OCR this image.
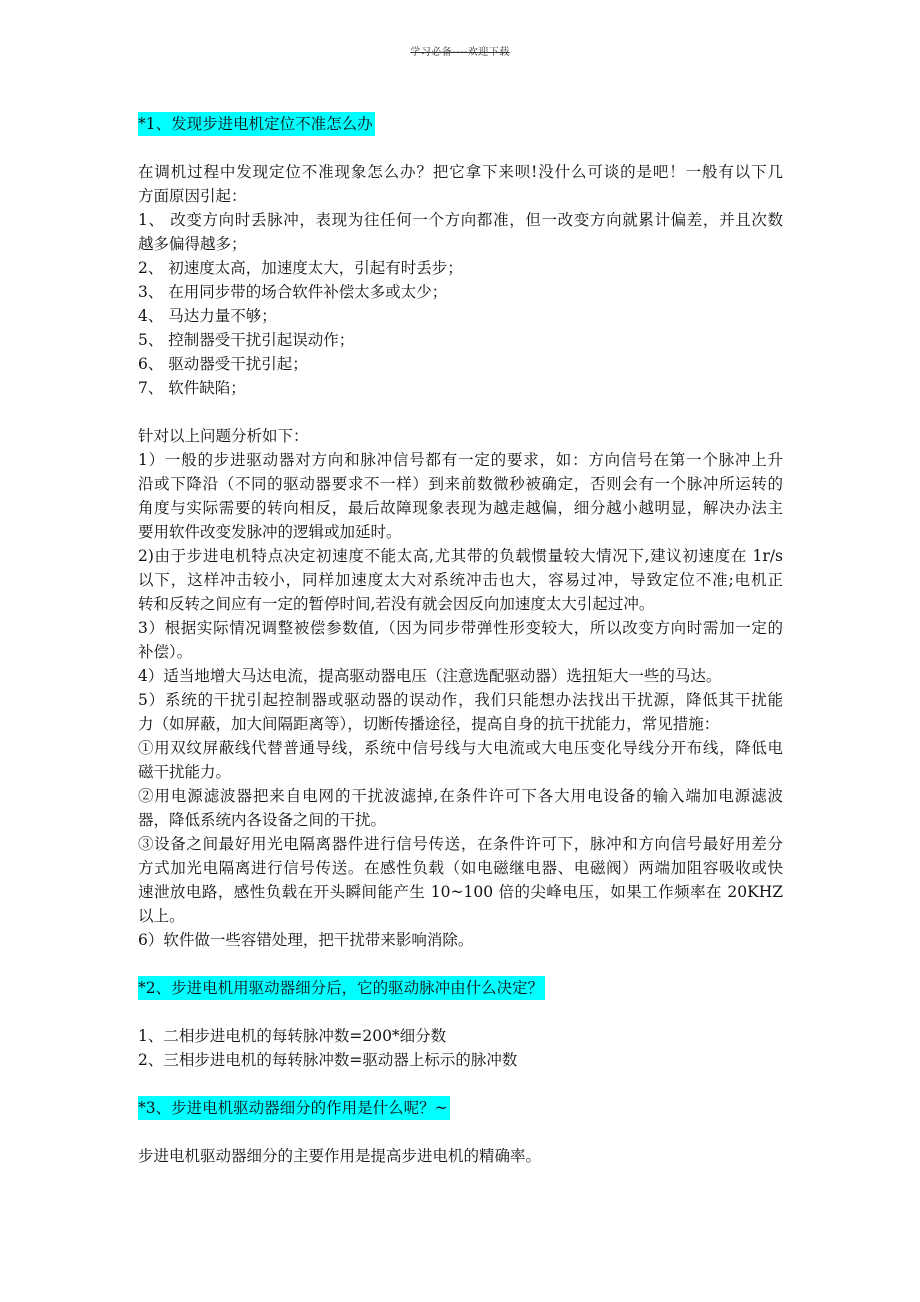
学习必备----欢迎下载
*1、发现步进电机定位不准怎么办
在调机过程中发现定位不准现象怎么办？把它拿下来呗!没什么可谈的是吧！一般有以下几
方面原因引起：
1、 改变方向时丢脉冲，表现为往任何一个方向都准，但一改变方向就累计偏差，并且次数
越多偏得越多；
2、 初速度太高，加速度太大，引起有时丢步；
3、 在用同步带的场合软件补偿太多或太少；
4、 马达力量不够；
5、 控制器受干扰引起误动作；
6、 驱动器受干扰引起；
7、 软件缺陷；
针对以上问题分析如下：
1）一般的步进驱动器对方向和脉冲信号都有一定的要求，如：方向信号在第一个脉冲上升
沿或下降沿（不同的驱动器要求不一样）到来前数微秒被确定，否则会有一个脉冲所运转的
角度与实际需要的转向相反，最后故障现象表现为越走越偏，细分越小越明显，解决办法主
要用软件改变发脉冲的逻辑或加延时。
2)由于步进电机特点决定初速度不能太高,尤其带的负载惯量较大情况下,建议初速度在 1r/s
以下，这样冲击较小，同样加速度太大对系统冲击也大，容易过冲，导致定位不准;电机正
转和反转之间应有一定的暂停时间,若没有就会因反向加速度太大引起过冲。
3）根据实际情况调整被偿参数值,（因为同步带弹性形变较大，所以改变方向时需加一定的
补偿）。
4）适当地增大马达电流，提高驱动器电压（注意选配驱动器）选扭矩大一些的马达。
5）系统的干扰引起控制器或驱动器的误动作，我们只能想办法找出干扰源，降低其干扰能
力（如屏蔽，加大间隔距离等），切断传播途径，提高自身的抗干扰能力，常见措施：
①用双纹屏蔽线代替普通导线，系统中信号线与大电流或大电压变化导线分开布线，降低电
磁干扰能力。
②用电源滤波器把来自电网的干扰波滤掉,在条件许可下各大用电设备的输入端加电源滤波
器，降低系统内各设备之间的干扰。
③设备之间最好用光电隔离器件进行信号传送，在条件许可下，脉冲和方向信号最好用差分
方式加光电隔离进行信号传送。在感性负载（如电磁继电器、电磁阀）两端加阻容吸收或快
速泄放电路，感性负载在开头瞬间能产生 10~100 倍的尖峰电压，如果工作频率在 20KHZ
以上。
6）软件做一些容错处理，把干扰带来影响消除。
*2、步进电机用驱动器细分后，它的驱动脉冲由什么决定？
1、二相步进电机的每转脉冲数=200*细分数
2、三相步进电机的每转脉冲数=驱动器上标示的脉冲数
*3、步进电机驱动器细分的作用是什么呢？~
步进电机驱动器细分的主要作用是提高步进电机的精确率。
